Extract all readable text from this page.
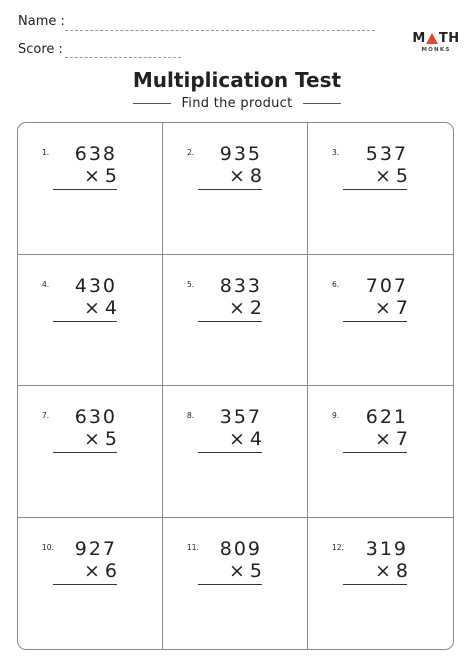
Name :
Score :
M TH
MONKS
Multiplication Test
Find the product
1. 638
× 5
2. 935
× 8
3. 537
× 5
4. 430
× 4
5. 833
× 2
6. 707
× 7
7. 630
× 5
8. 357
× 4
9. 621
× 7
10. 927
× 6
11. 809
× 5
12. 319
× 8
